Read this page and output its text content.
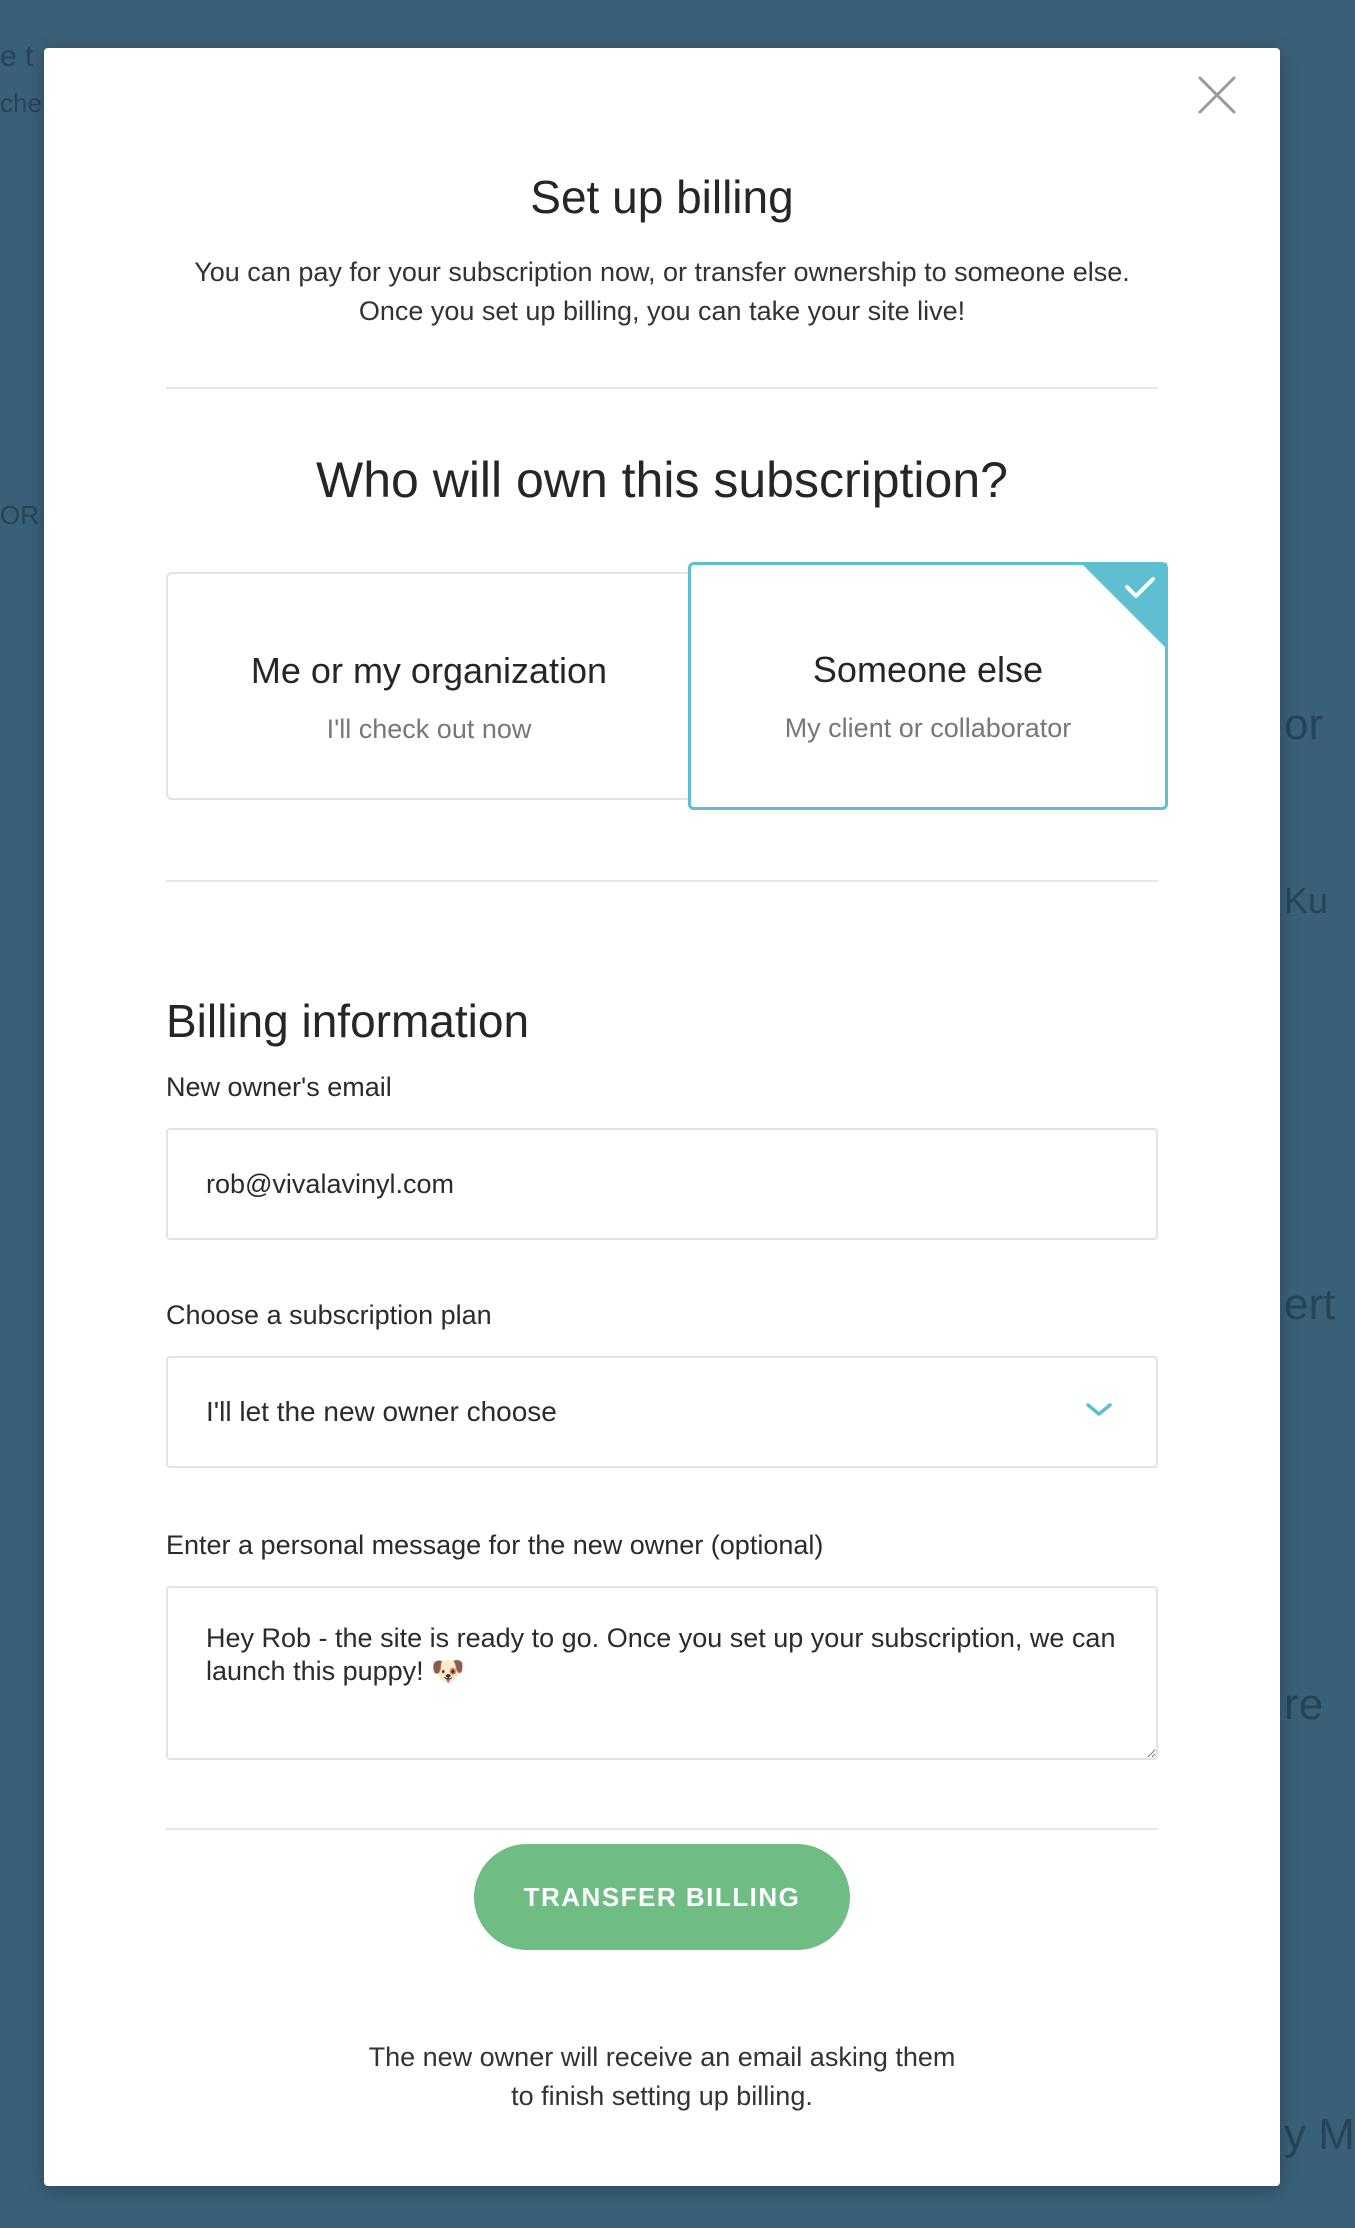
e t
che
OR
or
Ku
ert
re
y M
Set up billing
You can pay for your subscription now, or transfer ownership to someone else.
Once you set up billing, you can take your site live!
Who will own this subscription?
Me or my organization
I'll check out now
Someone else
My client or collaborator
Billing information
New owner's email
rob@vivalavinyl.com
Choose a subscription plan
I'll let the new owner choose
Enter a personal message for the new owner (optional)
Hey Rob - the site is ready to go. Once you set up your subscription, we can launch this puppy! 🐶
TRANSFER BILLING
The new owner will receive an email asking them
to finish setting up billing.
